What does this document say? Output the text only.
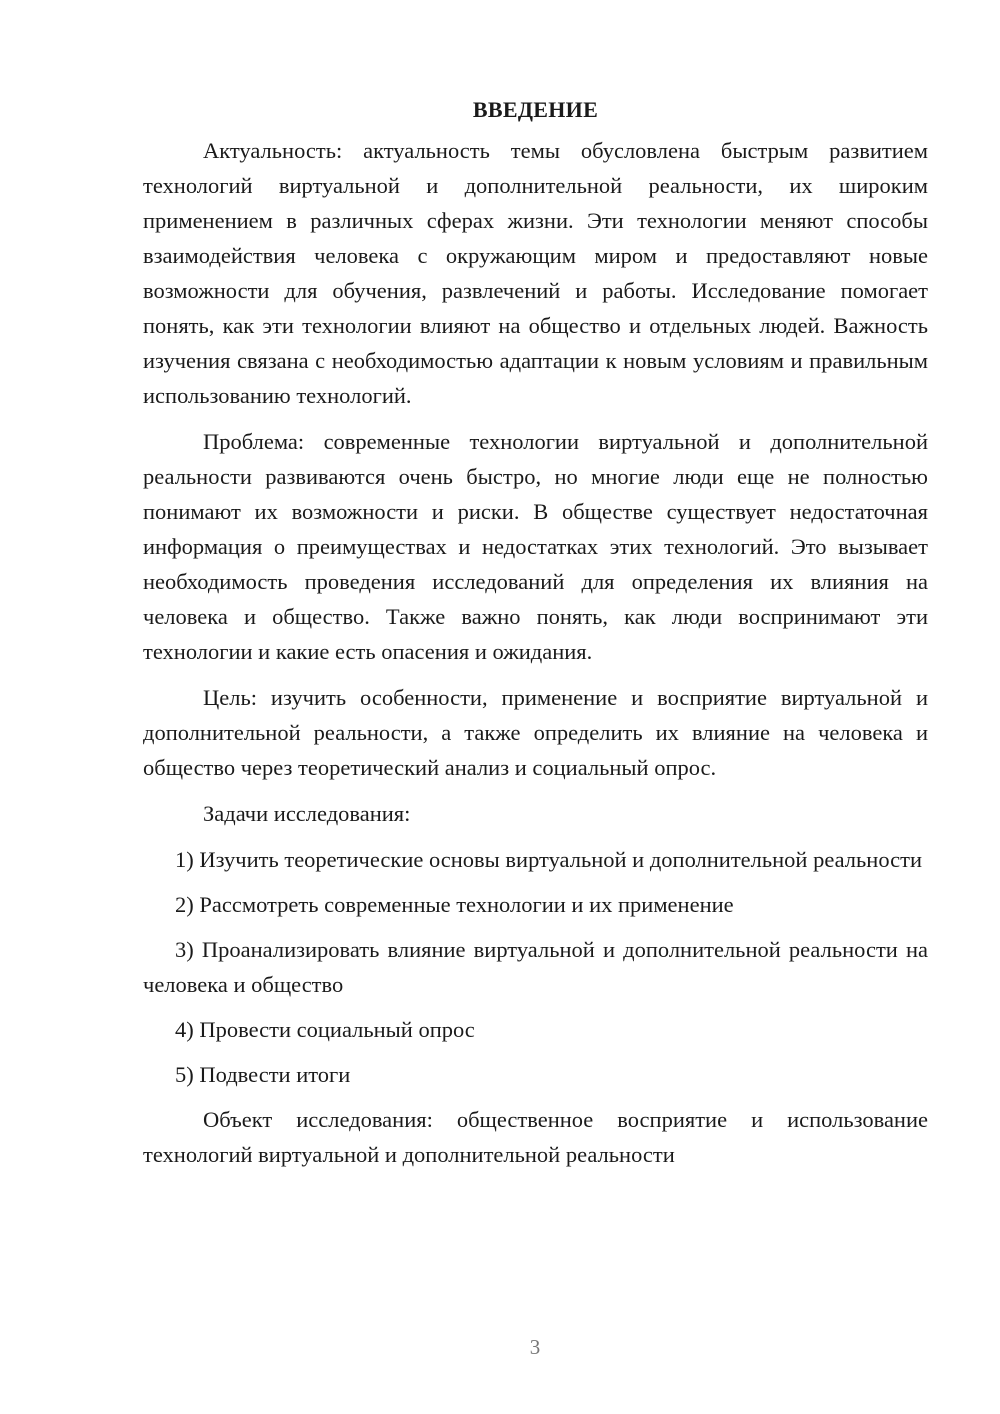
ВВЕДЕНИЕ

Актуальность: актуальность темы обусловлена быстрым развитием технологий виртуальной и дополнительной реальности, их широким применением в различных сферах жизни. Эти технологии меняют способы взаимодействия человека с окружающим миром и предоставляют новые возможности для обучения, развлечений и работы. Исследование помогает понять, как эти технологии влияют на общество и отдельных людей. Важность изучения связана с необходимостью адаптации к новым условиям и правильным использованию технологий.

Проблема: современные технологии виртуальной и дополнительной реальности развиваются очень быстро, но многие люди еще не полностью понимают их возможности и риски. В обществе существует недостаточная информация о преимуществах и недостатках этих технологий. Это вызывает необходимость проведения исследований для определения их влияния на человека и общество. Также важно понять, как люди воспринимают эти технологии и какие есть опасения и ожидания.

Цель: изучить особенности, применение и восприятие виртуальной и дополнительной реальности, а также определить их влияние на человека и общество через теоретический анализ и социальный опрос.

Задачи исследования:

1) Изучить теоретические основы виртуальной и дополнительной реальности

2) Рассмотреть современные технологии и их применение

3) Проанализировать влияние виртуальной и дополнительной реальности на человека и общество

4) Провести социальный опрос

5) Подвести итоги

Объект исследования: общественное восприятие и использование технологий виртуальной и дополнительной реальности

3
